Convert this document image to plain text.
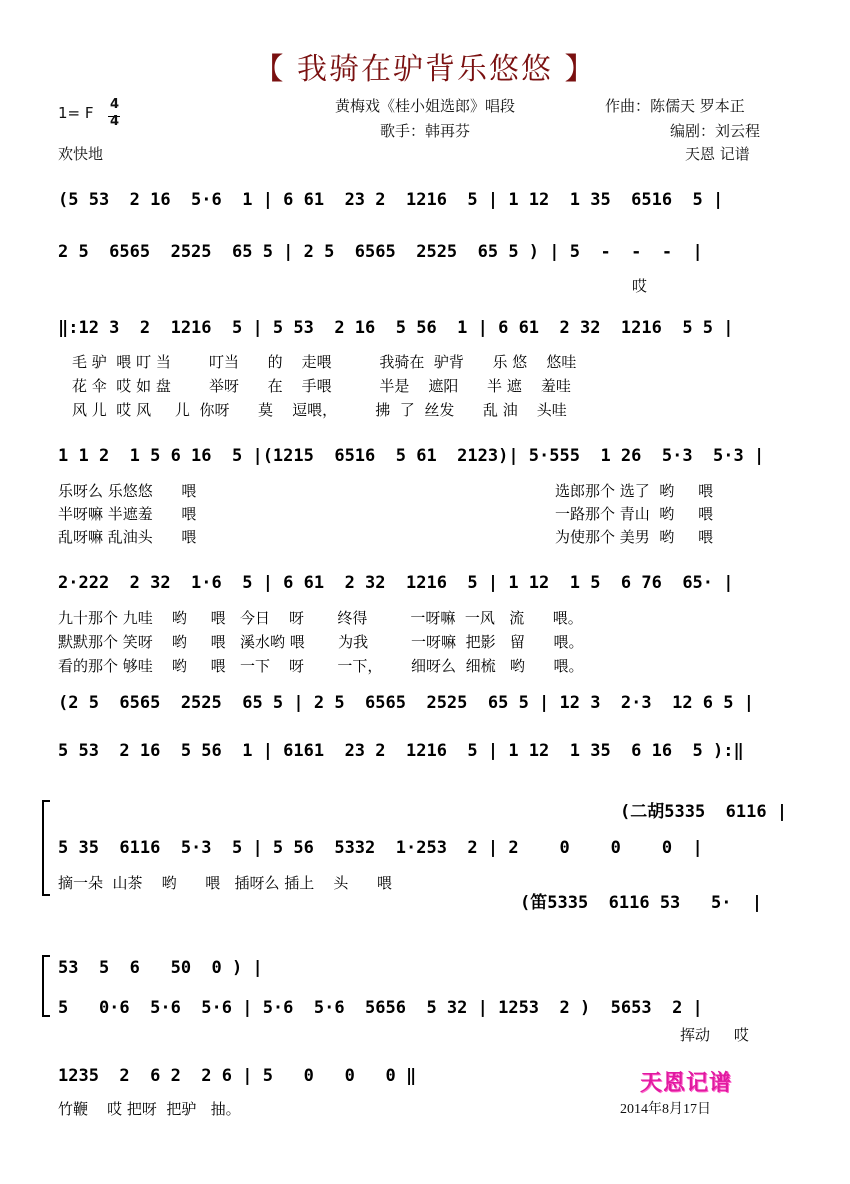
【 我骑在驴背乐悠悠 】
1= F 4
4
欢快地
黄梅戏《桂小姐选郎》唱段
歌手：韩再芬
作曲：陈儒天 罗本正
编剧：刘云程
天恩 记谱
(5 53  2 16  5·6  1 | 6 61  23 2  1216  5 | 1 12  1 35  6516  5 |
2 5  6565  2525  65 5 | 2 5  6565  2525  65 5 ) | 5  -  -  -  |
哎
‖:12 3  2  1216  5 | 5 53  2 16  5 56  1 | 6 61  2 32  1216  5 5 |
毛 驴  喂 叮 当        叮当      的    走喂          我骑在  驴背      乐 悠    悠哇
花 伞  哎 如 盘        举呀      在    手喂          半是    遮阳      半 遮    羞哇
风 儿  哎 风     儿  你呀      莫    逗喂，        拂  了  丝发      乱 油    头哇
1 1 2  1 5 6 16  5 |(1215  6516  5 61  2123)| 5·555  1 26  5·3  5·3 |
乐呀么 乐悠悠      喂	选郎那个 选了  哟     喂
半呀嘛 半遮羞      喂	一路那个 青山  哟     喂
乱呀嘛 乱油头      喂	为使那个 美男  哟     喂
2·222  2 32  1·6  5 | 6 61  2 32  1216  5 | 1 12  1 5  6 76  65· |
九十那个 九哇    哟     喂   今日    呀       终得         一呀嘛  一风   流      喂。
默默那个 笑呀    哟     喂   溪水哟 喂       为我         一呀嘛  把影   留      喂。
看的那个 够哇    哟     喂   一下    呀       一下，      细呀么  细梳   哟      喂。
(2 5  6565  2525  65 5 | 2 5  6565  2525  65 5 | 12 3  2·3  12 6 5 |
5 53  2 16  5 56  1 | 6161  23 2  1216  5 | 1 12  1 35  6 16  5 ):‖
(二胡5335  6116 |
5 35  6116  5·3  5 | 5 56  5332  1·253  2 | 2    0    0    0  |
摘一朵  山茶    哟      喂   插呀么 插上    头      喂
(笛5335  6116 53   5·  |
53  5  6   50  0 ) |
5   0·6  5·6  5·6 | 5·6  5·6  5656  5 32 | 1253  2 )  5653  2 |
挥动     哎
1235  2  6 2  2 6 | 5   0   0   0 ‖
竹鞭    哎 把呀  把驴   抽。
天恩记谱
2014年8月17日
